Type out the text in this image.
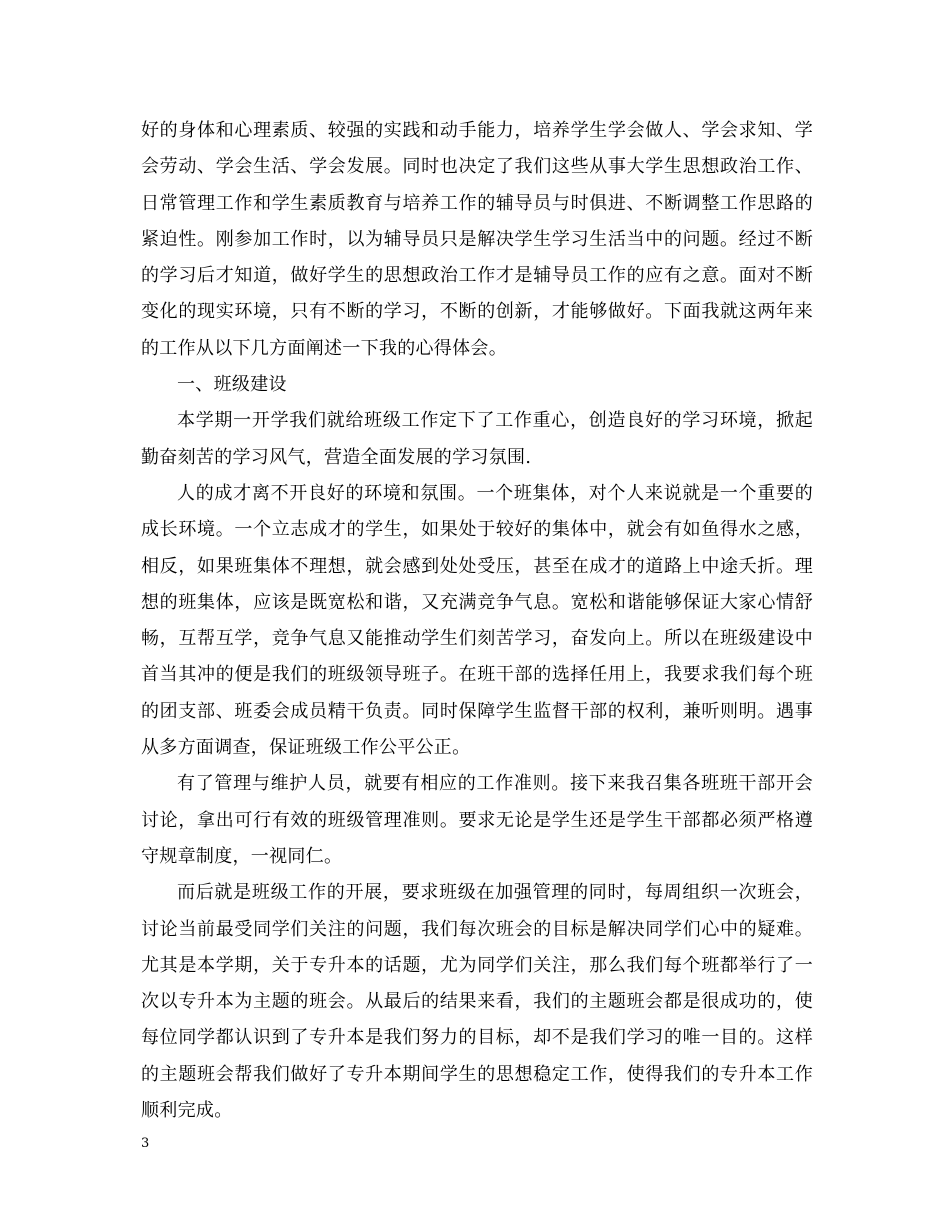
好的身体和心理素质、较强的实践和动手能力，培养学生学会做人、学会求知、学会劳动、学会生活、学会发展。同时也决定了我们这些从事大学生思想政治工作、日常管理工作和学生素质教育与培养工作的辅导员与时俱进、不断调整工作思路的紧迫性。刚参加工作时，以为辅导员只是解决学生学习生活当中的问题。经过不断的学习后才知道，做好学生的思想政治工作才是辅导员工作的应有之意。面对不断变化的现实环境，只有不断的学习，不断的创新，才能够做好。下面我就这两年来的工作从以下几方面阐述一下我的心得体会。

一、班级建设

本学期一开学我们就给班级工作定下了工作重心，创造良好的学习环境，掀起勤奋刻苦的学习风气，营造全面发展的学习氛围.

人的成才离不开良好的环境和氛围。一个班集体，对个人来说就是一个重要的成长环境。一个立志成才的学生，如果处于较好的集体中，就会有如鱼得水之感，相反，如果班集体不理想，就会感到处处受压，甚至在成才的道路上中途夭折。理想的班集体，应该是既宽松和谐，又充满竞争气息。宽松和谐能够保证大家心情舒畅，互帮互学，竞争气息又能推动学生们刻苦学习，奋发向上。所以在班级建设中首当其冲的便是我们的班级领导班子。在班干部的选择任用上，我要求我们每个班的团支部、班委会成员精干负责。同时保障学生监督干部的权利，兼听则明。遇事从多方面调查，保证班级工作公平公正。

有了管理与维护人员，就要有相应的工作准则。接下来我召集各班班干部开会讨论，拿出可行有效的班级管理准则。要求无论是学生还是学生干部都必须严格遵守规章制度，一视同仁。

而后就是班级工作的开展，要求班级在加强管理的同时，每周组织一次班会，讨论当前最受同学们关注的问题，我们每次班会的目标是解决同学们心中的疑难。尤其是本学期，关于专升本的话题，尤为同学们关注，那么我们每个班都举行了一次以专升本为主题的班会。从最后的结果来看，我们的主题班会都是很成功的，使每位同学都认识到了专升本是我们努力的目标，却不是我们学习的唯一目的。这样的主题班会帮我们做好了专升本期间学生的思想稳定工作，使得我们的专升本工作顺利完成。

3
